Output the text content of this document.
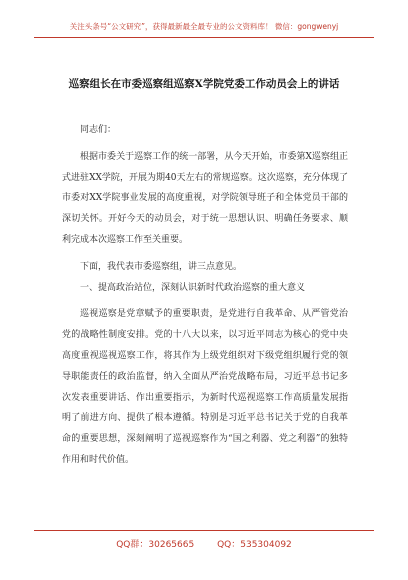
关注头条号“公文研究”，获得最新最全最专业的公文资料库！ 微信：gongwenyj
巡察组长在市委巡察组巡察X学院党委工作动员会上的讲话

同志们：

根据市委关于巡察工作的统一部署，从今天开始，市委第X巡察组正式进驻XX学院，开展为期40天左右的常规巡察。这次巡察，充分体现了市委对XX学院事业发展的高度重视，对学院领导班子和全体党员干部的深切关怀。开好今天的动员会，对于统一思想认识、明确任务要求、顺利完成本次巡察工作至关重要。

下面，我代表市委巡察组，讲三点意见。

一、提高政治站位，深刻认识新时代政治巡察的重大意义

巡视巡察是党章赋予的重要职责，是党进行自我革命、从严管党治党的战略性制度安排。党的十八大以来，以习近平同志为核心的党中央高度重视巡视巡察工作，将其作为上级党组织对下级党组织履行党的领导职能责任的政治监督，纳入全面从严治党战略布局，习近平总书记多次发表重要讲话、作出重要指示，为新时代巡视巡察工作高质量发展指明了前进方向、提供了根本遵循。特别是习近平总书记关于党的自我革命的重要思想，深刻阐明了巡视巡察作为“国之利器、党之利器”的独特作用和时代价值。

QQ群：30265665	QQ：535304092
